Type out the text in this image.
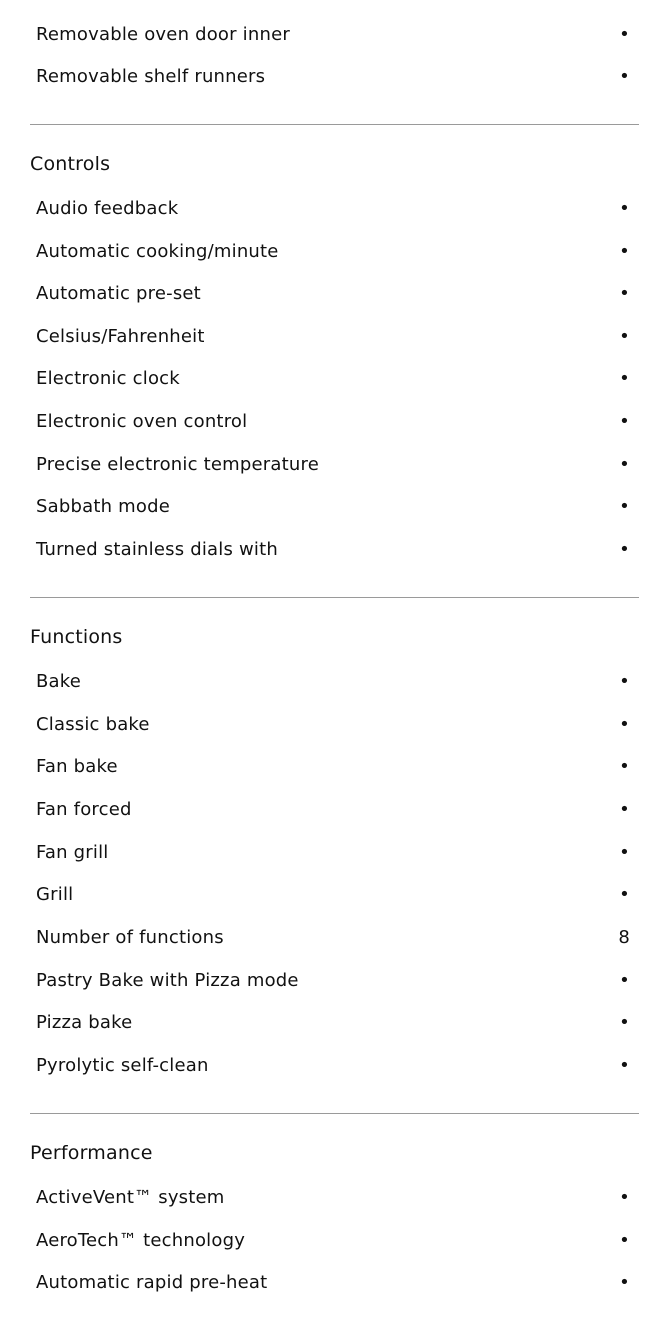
Removable oven door inner	•
Removable shelf runners	•
Controls
Audio feedback	•
Automatic cooking/minute	•
Automatic pre-set	•
Celsius/Fahrenheit	•
Electronic clock	•
Electronic oven control	•
Precise electronic temperature	•
Sabbath mode	•
Turned stainless dials with	•
Functions
Bake	•
Classic bake	•
Fan bake	•
Fan forced	•
Fan grill	•
Grill	•
Number of functions	8
Pastry Bake with Pizza mode	•
Pizza bake	•
Pyrolytic self-clean	•
Performance
ActiveVent™ system	•
AeroTech™ technology	•
Automatic rapid pre-heat	•
